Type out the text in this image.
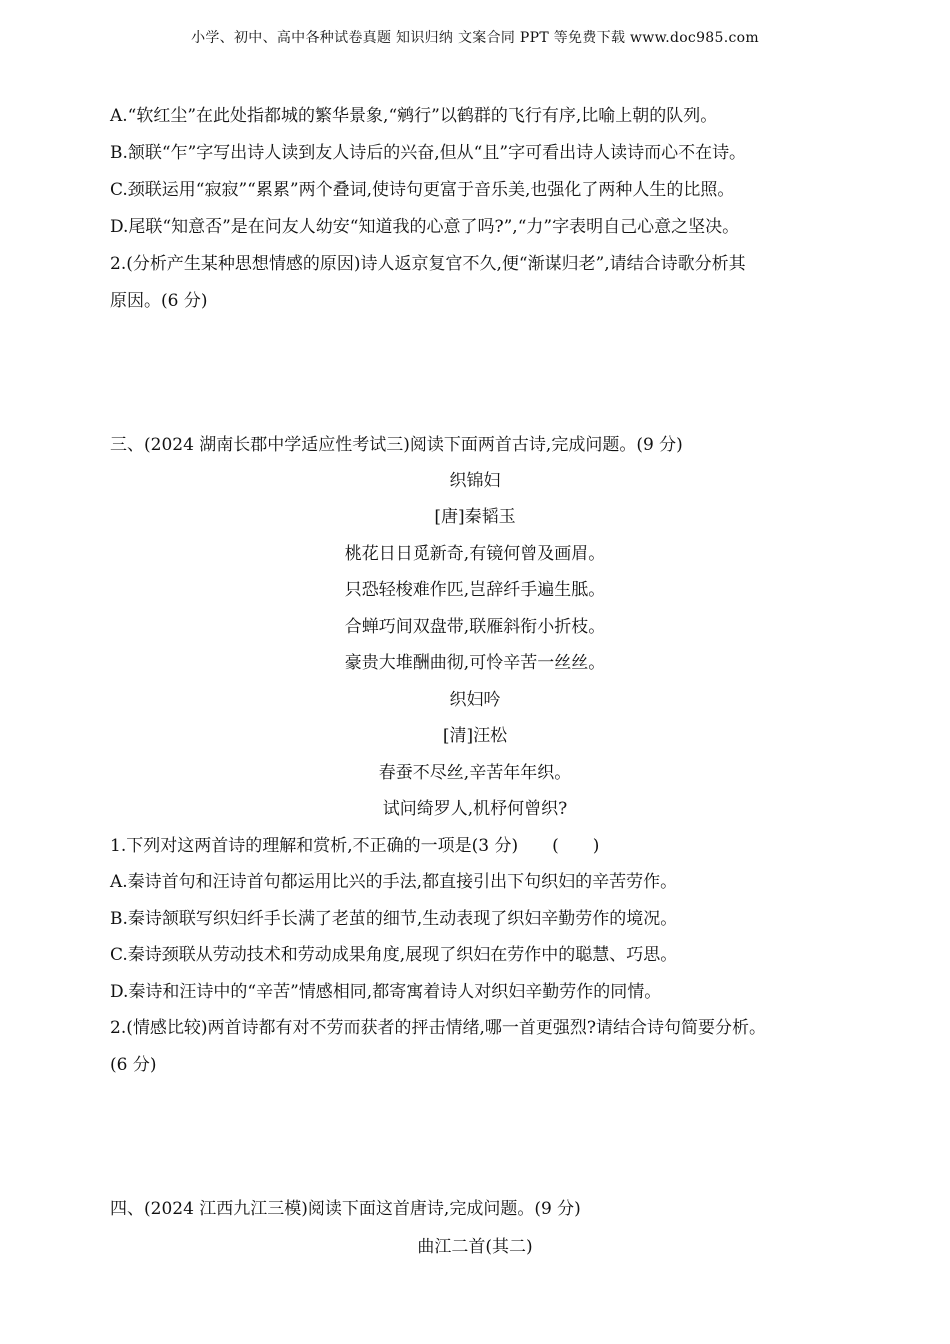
小学、初中、高中各种试卷真题 知识归纳 文案合同 PPT 等免费下载 www.doc985.com
A.“软红尘”在此处指都城的繁华景象,“鹓行”以鹤群的飞行有序,比喻上朝的队列。
B.颔联“乍”字写出诗人读到友人诗后的兴奋,但从“且”字可看出诗人读诗而心不在诗。
C.颈联运用“寂寂”“累累”两个叠词,使诗句更富于音乐美,也强化了两种人生的比照。
D.尾联“知意否”是在问友人幼安“知道我的心意了吗?”,“力”字表明自己心意之坚决。
2.(分析产生某种思想情感的原因)诗人返京复官不久,便“渐谋归老”,请结合诗歌分析其
原因。(6 分)
三、(2024 湖南长郡中学适应性考试三)阅读下面两首古诗,完成问题。(9 分)
织锦妇
[唐]秦韬玉
桃花日日觅新奇,有镜何曾及画眉。
只恐轻梭难作匹,岂辞纤手遍生胝。
合蝉巧间双盘带,联雁斜衔小折枝。
豪贵大堆酬曲彻,可怜辛苦一丝丝。
织妇吟
[清]汪松
春蚕不尽丝,辛苦年年织。
试问绮罗人,机杼何曾织?
1.下列对这两首诗的理解和赏析,不正确的一项是(3 分)　　(　　)
A.秦诗首句和汪诗首句都运用比兴的手法,都直接引出下句织妇的辛苦劳作。
B.秦诗颔联写织妇纤手长满了老茧的细节,生动表现了织妇辛勤劳作的境况。
C.秦诗颈联从劳动技术和劳动成果角度,展现了织妇在劳作中的聪慧、巧思。
D.秦诗和汪诗中的“辛苦”情感相同,都寄寓着诗人对织妇辛勤劳作的同情。
2.(情感比较)两首诗都有对不劳而获者的抨击情绪,哪一首更强烈?请结合诗句简要分析。
(6 分)
四、(2024 江西九江三模)阅读下面这首唐诗,完成问题。(9 分)
曲江二首(其二)
